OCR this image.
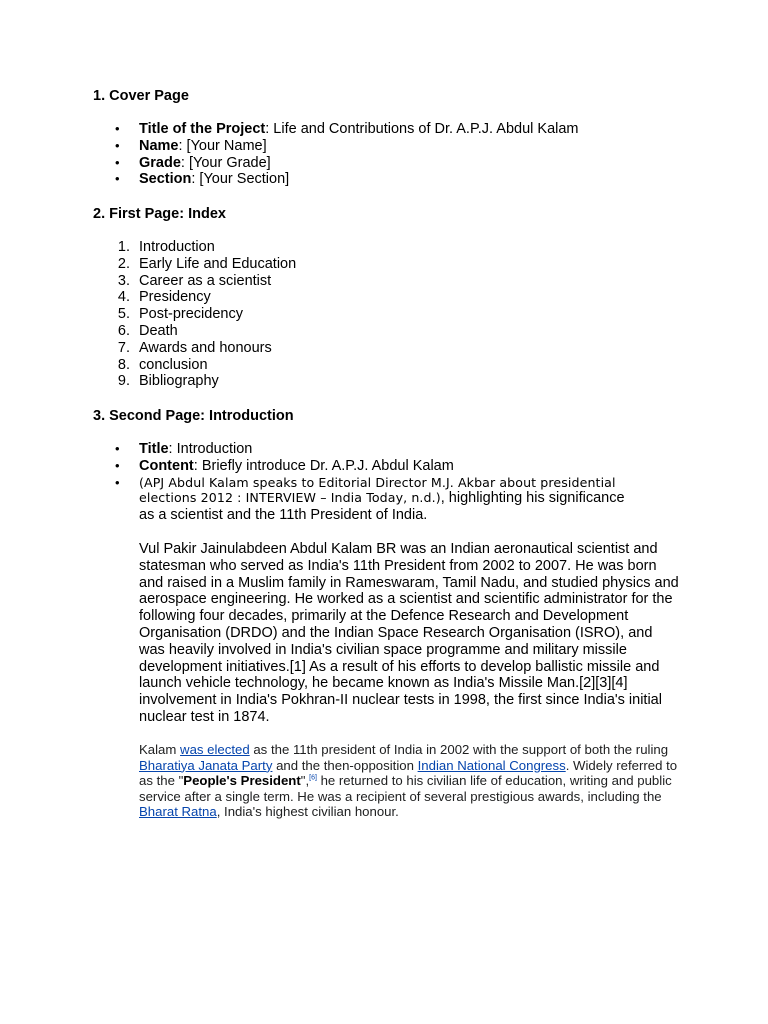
1. Cover Page
• Title of the Project: Life and Contributions of Dr. A.P.J. Abdul Kalam
• Name: [Your Name]
• Grade: [Your Grade]
• Section: [Your Section]
2. First Page: Index
1. Introduction
2. Early Life and Education
3. Career as a scientist
4. Presidency
5. Post-precidency
6. Death
7. Awards and honours
8. conclusion
9. Bibliography
3. Second Page: Introduction
• Title: Introduction
• Content: Briefly introduce Dr. A.P.J. Abdul Kalam
• (APJ Abdul Kalam speaks to Editorial Director M.J. Akbar about presidential

elections 2012 : INTERVIEW – India Today, n.d.), highlighting his significance
as a scientist and the 11th President of India.

Vul Pakir Jainulabdeen Abdul Kalam BR was an Indian aeronautical scientist and statesman who served as India's 11th President from 2002 to 2007. He was born and raised in a Muslim family in Rameswaram, Tamil Nadu, and studied physics and aerospace engineering. He worked as a scientist and scientific administrator for the following four decades, primarily at the Defence Research and Development Organisation (DRDO) and the Indian Space Research Organisation (ISRO), and was heavily involved in India's civilian space programme and military missile development initiatives.[1] As a result of his efforts to develop ballistic missile and launch vehicle technology, he became known as India's Missile Man.[2][3][4] involvement in India's Pokhran-II nuclear tests in 1998, the first since India's initial nuclear test in 1874.

Kalam was elected as the 11th president of India in 2002 with the support of both the ruling Bharatiya Janata Party and the then-opposition Indian National Congress. Widely referred to as the "People's President",[6] he returned to his civilian life of education, writing and public service after a single term. He was a recipient of several prestigious awards, including the Bharat Ratna, India's highest civilian honour.
